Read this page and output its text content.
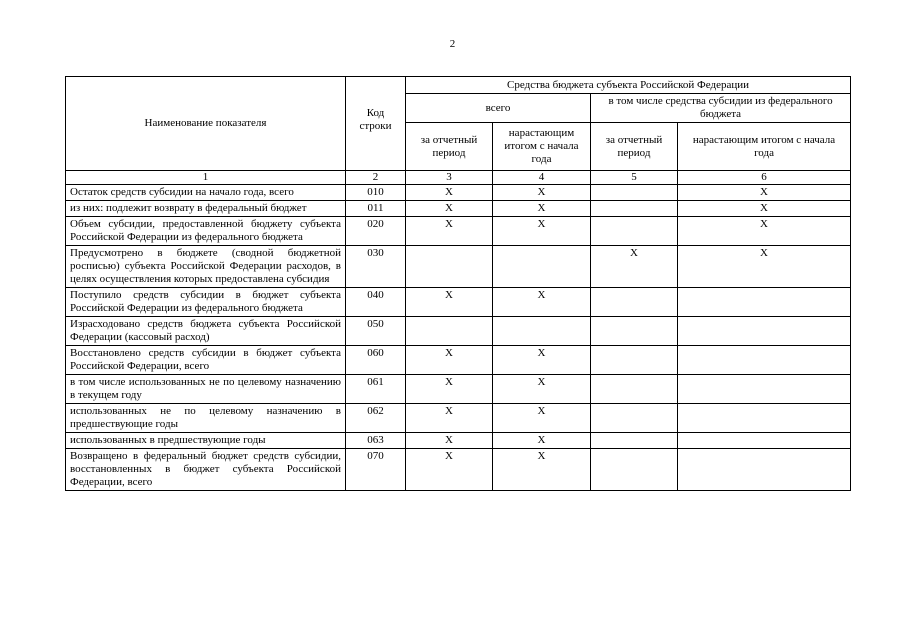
2
Наименование показателя	Код строки	Средства бюджета субъекта Российской Федерации			
		всего		в том числе средства субсидии из федерального бюджета	
		за отчетный период	нарастающим итогом с начала года	за отчетный период	нарастающим итогом с начала года
1	2	3	4	5	6
Остаток средств субсидии на начало года, всего	010	X	X		X
из них: подлежит возврату в федеральный бюджет	011	X	X		X
Объем субсидии, предоставленной бюджету субъекта Российской Федерации из федерального бюджета	020	X	X		X
Предусмотрено в бюджете (сводной бюджетной росписью) субъекта Российской Федерации расходов, в целях осуществления которых предоставлена субсидия	030			X	X
Поступило средств субсидии в бюджет субъекта Российской Федерации из федерального бюджета	040	X	X		
Израсходовано средств бюджета субъекта Российской Федерации (кассовый расход)	050				
Восстановлено средств субсидии в бюджет субъекта Российской Федерации, всего	060	X	X		
в том числе использованных не по целевому назначению в текущем году	061	X	X		
использованных не по целевому назначению в предшествующие годы	062	X	X		
использованных в предшествующие годы	063	X	X		
Возвращено в федеральный бюджет средств субсидии, восстановленных в бюджет субъекта Российской Федерации, всего	070	X	X		
